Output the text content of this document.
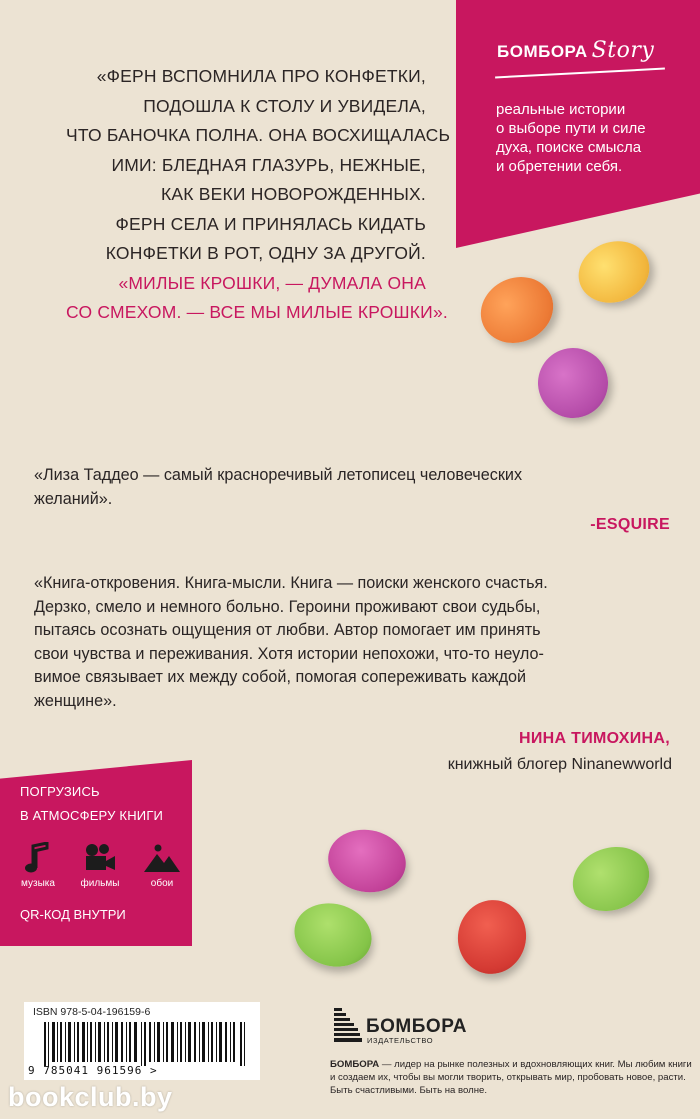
БОМБОРА Story
реальные истории
о выборе пути и силе
духа, поиске смысла
и обретении себя.
«ФЕРН ВСПОМНИЛА ПРО КОНФЕТКИ,
ПОДОШЛА К СТОЛУ И УВИДЕЛА,
ЧТО БАНОЧКА ПОЛНА. ОНА ВОСХИЩАЛАСЬ
ИМИ: БЛЕДНАЯ ГЛАЗУРЬ, НЕЖНЫЕ,
КАК ВЕКИ НОВОРОЖДЕННЫХ.
ФЕРН СЕЛА И ПРИНЯЛАСЬ КИДАТЬ
КОНФЕТКИ В РОТ, ОДНУ ЗА ДРУГОЙ.
«МИЛЫЕ КРОШКИ, — ДУМАЛА ОНА
СО СМЕХОМ. — ВСЕ МЫ МИЛЫЕ КРОШКИ».
«Лиза Таддео — самый красноречивый летописец человеческих
желаний».
-ESQUIRE
«Книга-откровения. Книга-мысли. Книга — поиски женского счастья.
Дерзко, смело и немного больно. Героини проживают свои судьбы,
пытаясь осознать ощущения от любви. Автор помогает им принять
свои чувства и переживания. Хотя истории непохожи, что-то неуло-
вимое связывает их между собой, помогая сопереживать каждой
женщине».
НИНА ТИМОХИНА,
книжный блогер Ninanewworld
ПОГРУЗИСЬ
В АТМОСФЕРУ КНИГИ
музыка	фильмы	обои
QR-КОД ВНУТРИ
ISBN 978-5-04-196159-6
9 785041 961596 >
БОМБОРА
ИЗДАТЕЛЬСТВО
БОМБОРА — лидер на рынке полезных и вдохновляющих книг. Мы любим книги и создаем их, чтобы вы могли творить, открывать мир, пробовать новое, расти. Быть счастливыми. Быть на волне.
bookclub.by
